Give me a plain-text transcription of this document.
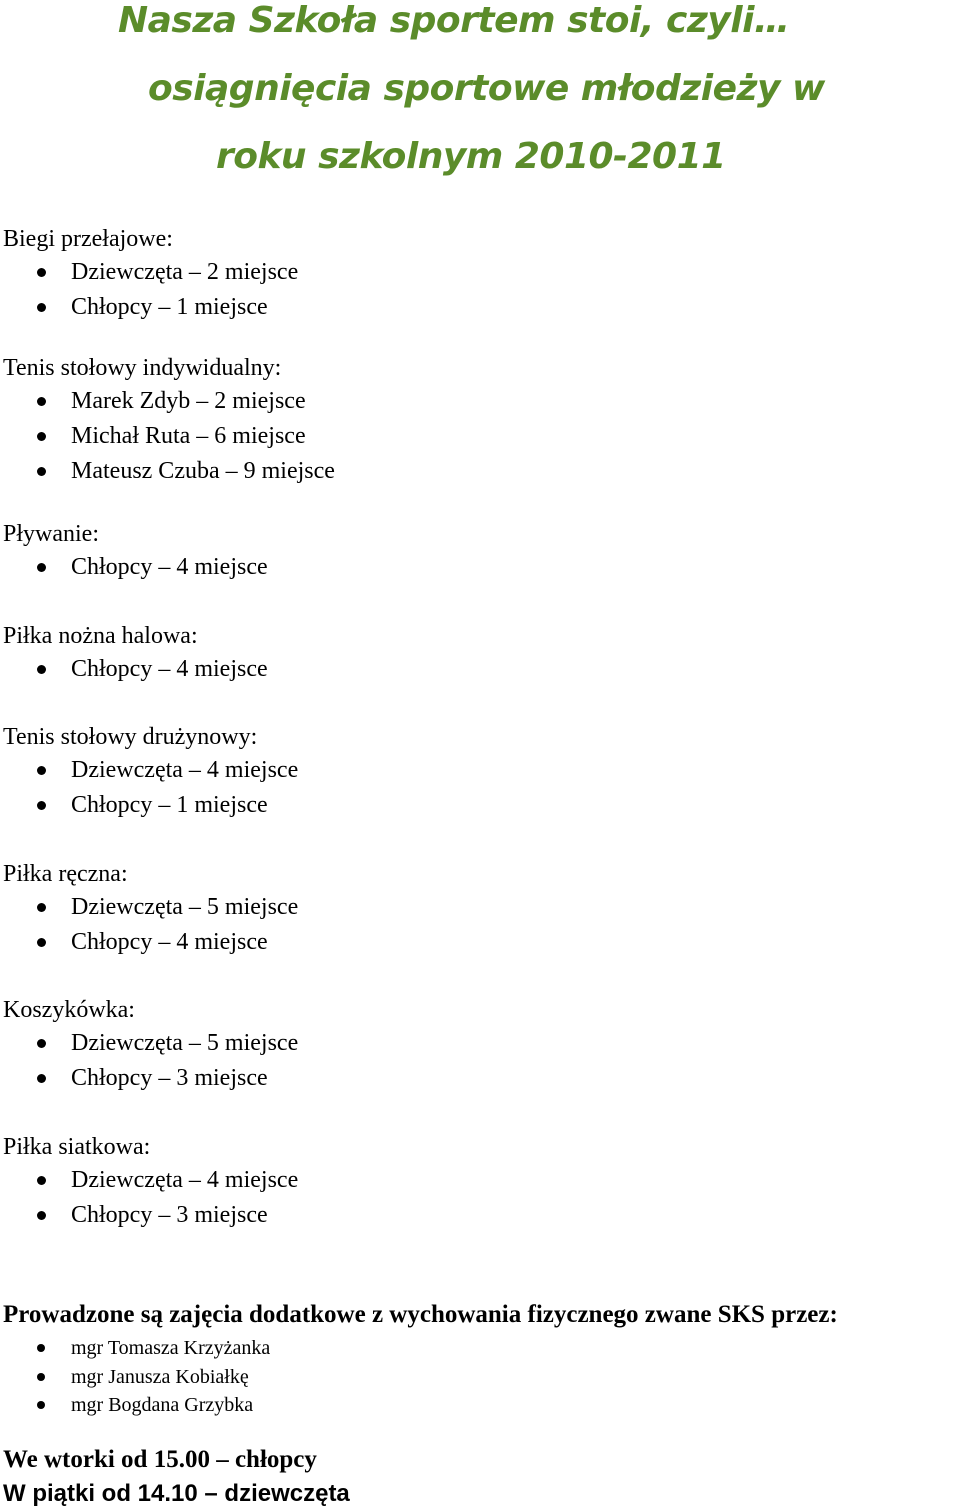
Nasza Szkoła sportem stoi, czyli…
osiągnięcia sportowe młodzieży w
roku szkolnym 2010-2011
Biegi przełajowe:
Dziewczęta – 2 miejsce
Chłopcy – 1 miejsce
Tenis stołowy indywidualny:
Marek Zdyb – 2 miejsce
Michał Ruta – 6 miejsce
Mateusz Czuba – 9 miejsce
Pływanie:
Chłopcy – 4 miejsce
Piłka nożna halowa:
Chłopcy – 4 miejsce
Tenis stołowy drużynowy:
Dziewczęta – 4 miejsce
Chłopcy – 1 miejsce
Piłka ręczna:
Dziewczęta – 5 miejsce
Chłopcy – 4 miejsce
Koszykówka:
Dziewczęta – 5 miejsce
Chłopcy – 3 miejsce
Piłka siatkowa:
Dziewczęta – 4 miejsce
Chłopcy – 3 miejsce

Prowadzone są zajęcia dodatkowe z wychowania fizycznego zwane SKS przez:

mgr Tomasza Krzyżanka
mgr Janusza Kobiałkę
mgr Bogdana Grzybka

We wtorki od 15.00 – chłopcy

W piątki od 14.10 – dziewczęta
